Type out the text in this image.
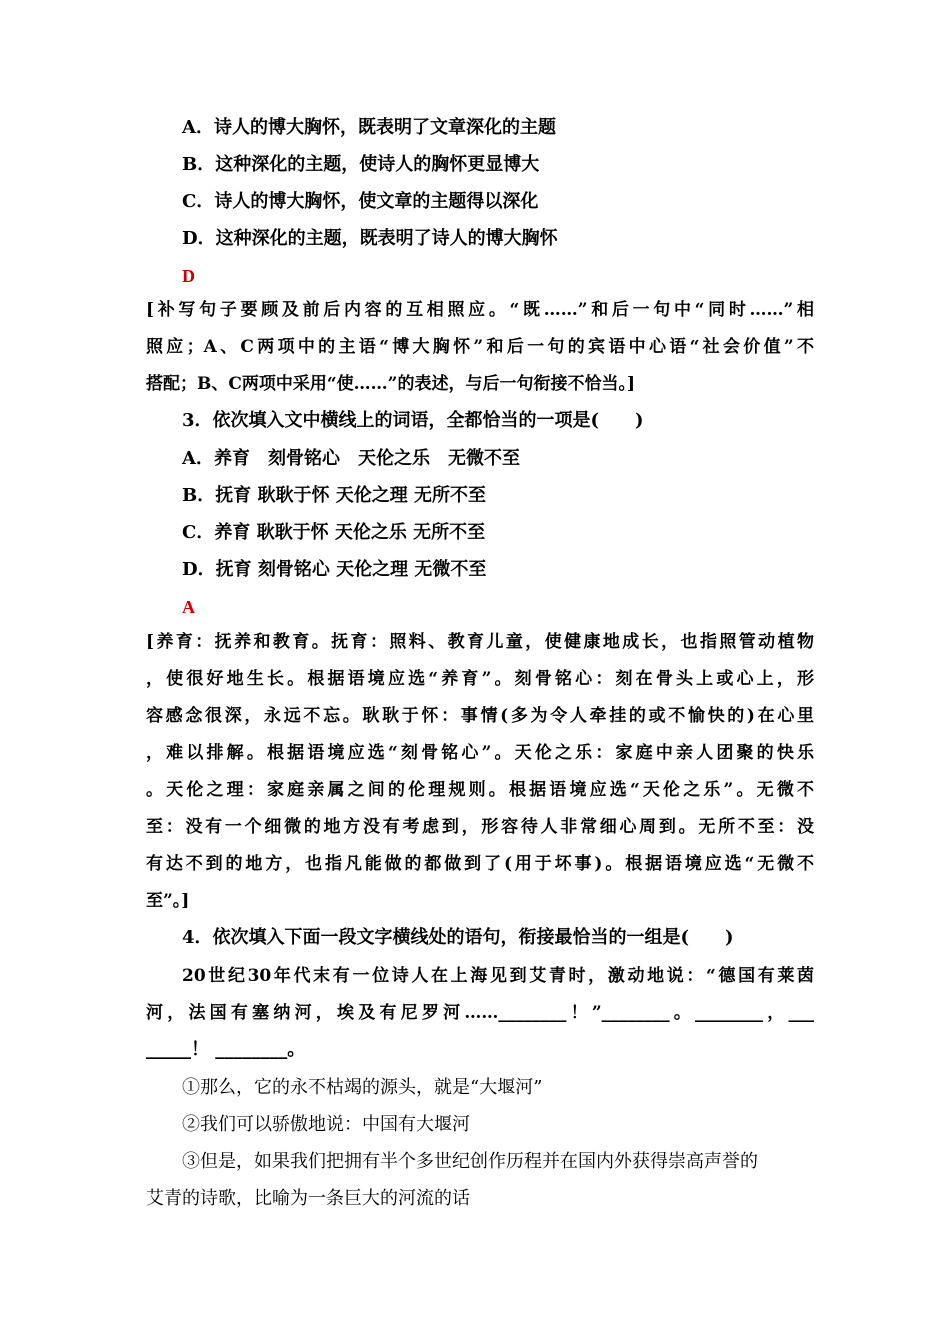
A．诗人的博大胸怀，既表明了文章深化的主题
B．这种深化的主题，使诗人的胸怀更显博大
C．诗人的博大胸怀，使文章的主题得以深化
D．这种深化的主题，既表明了诗人的博大胸怀
D
[补写句子要顾及前后内容的互相照应。“既……”和后一句中“同时……”相
照应；A、C两项中的主语“博大胸怀”和后一句的宾语中心语“社会价值”不
搭配；B、C两项中采用“使……”的表述，与后一句衔接不恰当。]
3．依次填入文中横线上的词语，全都恰当的一项是(　　)
A．养育　刻骨铭心　天伦之乐　无微不至
B．抚育 耿耿于怀 天伦之理 无所不至
C．养育 耿耿于怀 天伦之乐 无所不至
D．抚育 刻骨铭心 天伦之理 无微不至
A
[养育：抚养和教育。抚育：照料、教育儿童，使健康地成长，也指照管动植物
，使很好地生长。根据语境应选“养育”。刻骨铭心：刻在骨头上或心上，形
容感念很深，永远不忘。耿耿于怀：事情(多为令人牵挂的或不愉快的)在心里
，难以排解。根据语境应选“刻骨铭心”。天伦之乐：家庭中亲人团聚的快乐
。天伦之理：家庭亲属之间的伦理规则。根据语境应选“天伦之乐”。无微不
至：没有一个细微的地方没有考虑到，形容待人非常细心周到。无所不至：没
有达不到的地方，也指凡能做的都做到了(用于坏事)。根据语境应选“无微不
至”。]
4．依次填入下面一段文字横线处的语句，衔接最恰当的一组是(　　)
20世纪30年代末有一位诗人在上海见到艾青时，激动地说：“德国有莱茵
河，法国有塞纳河，埃及有尼罗河……________！”________。________，___
_____！ ________。
①那么，它的永不枯竭的源头，就是“大堰河”
②我们可以骄傲地说：中国有大堰河
③但是，如果我们把拥有半个多世纪创作历程并在国内外获得崇高声誉的
艾青的诗歌，比喻为一条巨大的河流的话
